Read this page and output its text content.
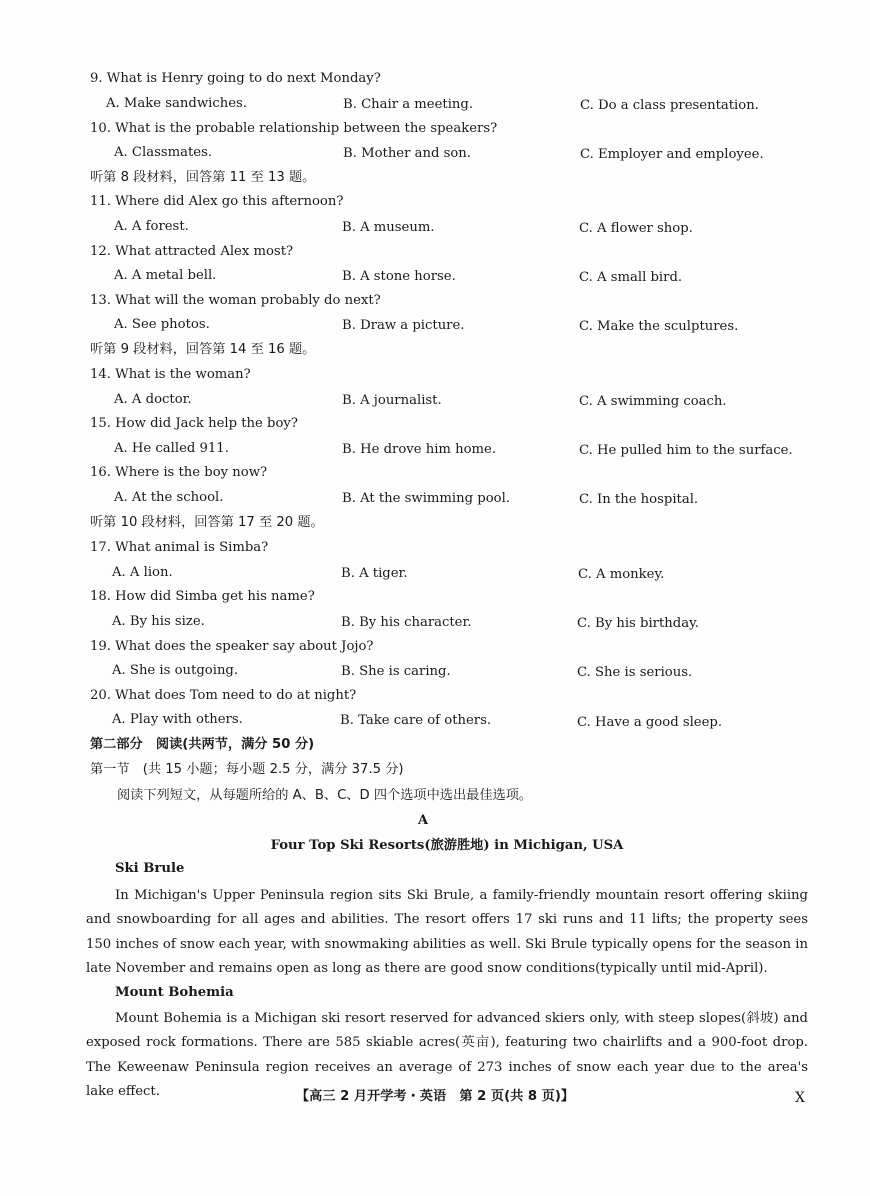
9. What is Henry going to do next Monday?
A. Make sandwiches.	B. Chair a meeting.	C. Do a class presentation.
10. What is the probable relationship between the speakers?
A. Classmates.	B. Mother and son.	C. Employer and employee.
听第 8 段材料，回答第 11 至 13 题。
11. Where did Alex go this afternoon?
A. A forest.	B. A museum.	C. A flower shop.
12. What attracted Alex most?
A. A metal bell.	B. A stone horse.	C. A small bird.
13. What will the woman probably do next?
A. See photos.	B. Draw a picture.	C. Make the sculptures.
听第 9 段材料，回答第 14 至 16 题。
14. What is the woman?
A. A doctor.	B. A journalist.	C. A swimming coach.
15. How did Jack help the boy?
A. He called 911.	B. He drove him home.	C. He pulled him to the surface.
16. Where is the boy now?
A. At the school.	B. At the swimming pool.	C. In the hospital.
听第 10 段材料，回答第 17 至 20 题。
17. What animal is Simba?
A. A lion.	B. A tiger.	C. A monkey.
18. How did Simba get his name?
A. By his size.	B. By his character.	C. By his birthday.
19. What does the speaker say about Jojo?
A. She is outgoing.	B. She is caring.	C. She is serious.
20. What does Tom need to do at night?
A. Play with others.	B. Take care of others.	C. Have a good sleep.
第二部分　阅读(共两节，满分 50 分)
第一节　(共 15 小题；每小题 2.5 分，满分 37.5 分)
阅读下列短文，从每题所给的 A、B、C、D 四个选项中选出最佳选项。
A
Four Top Ski Resorts(旅游胜地) in Michigan, USA
Ski Brule
In Michigan's Upper Peninsula region sits Ski Brule, a family-friendly mountain resort offering skiing and snowboarding for all ages and abilities. The resort offers 17 ski runs and 11 lifts; the property sees 150 inches of snow each year, with snowmaking abilities as well. Ski Brule typically opens for the season in late November and remains open as long as there are good snow conditions(typically until mid-April).
Mount Bohemia
Mount Bohemia is a Michigan ski resort reserved for advanced skiers only, with steep slopes(斜坡) and exposed rock formations. There are 585 skiable acres(英亩), featuring two chairlifts and a 900-foot drop. The Keweenaw Peninsula region receives an average of 273 inches of snow each year due to the area's lake effect.	【高三 2 月开学考・英语　第 2 页(共 8 页)】	X
